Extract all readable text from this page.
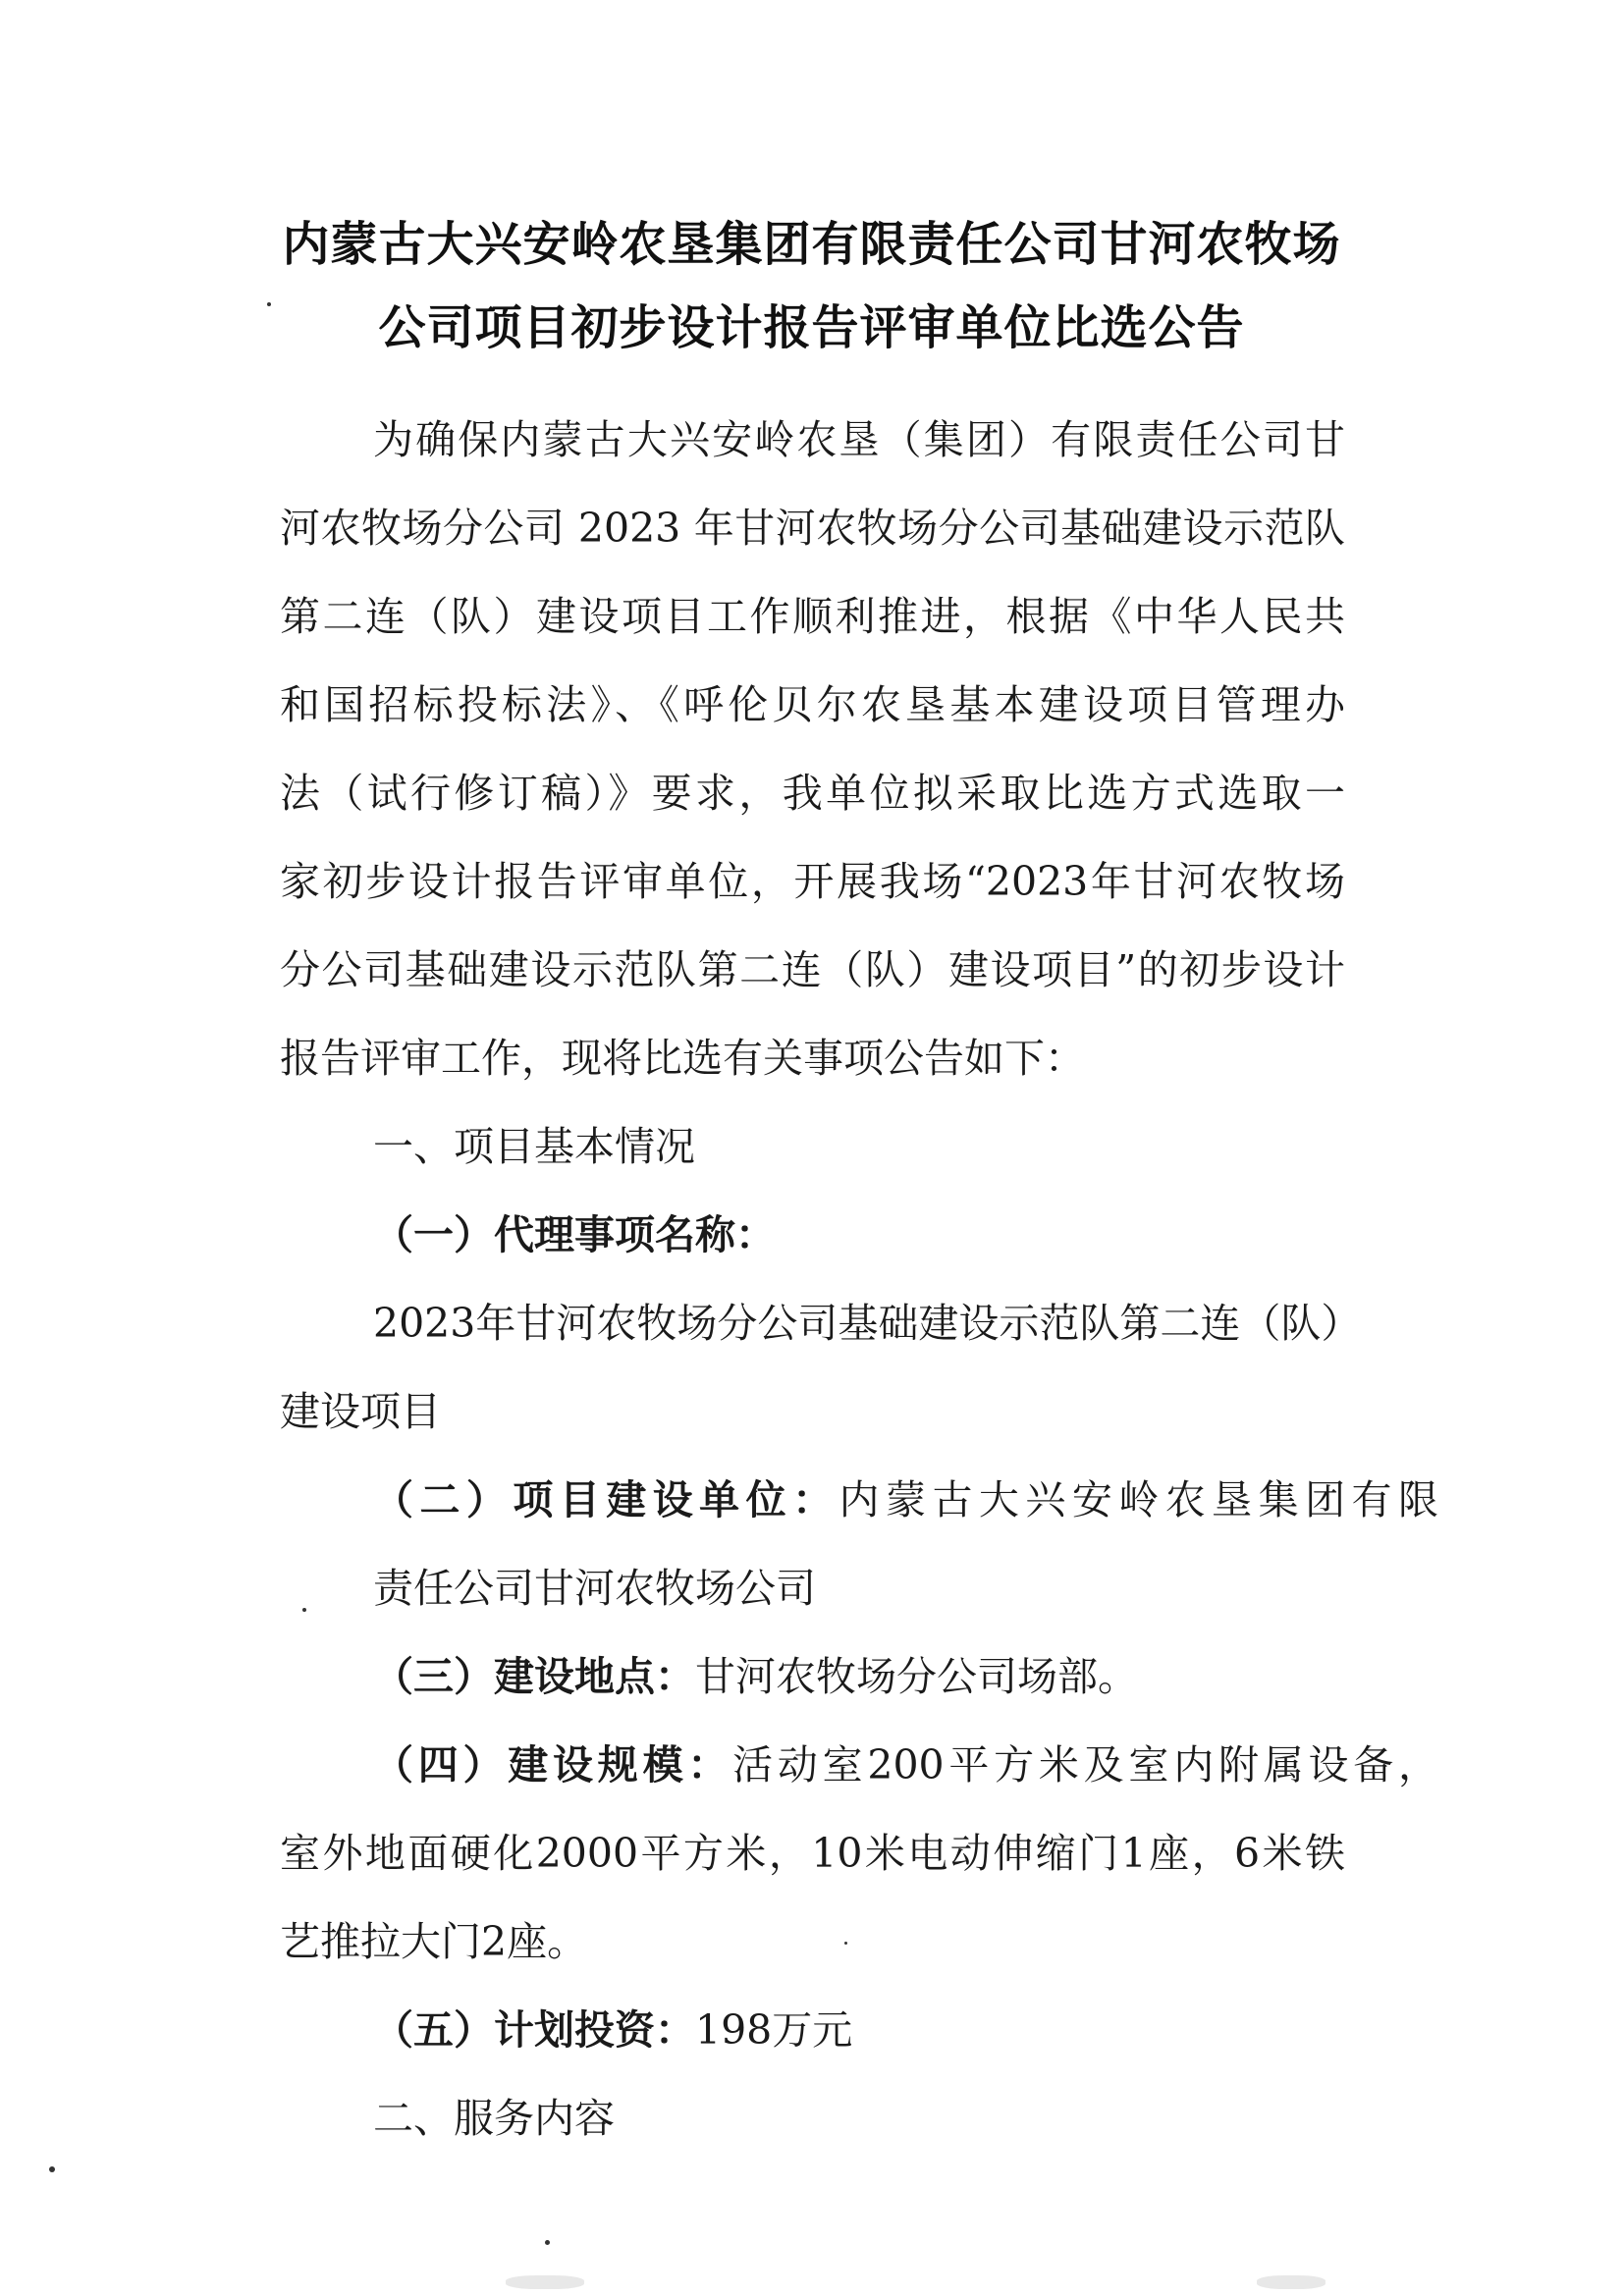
内蒙古大兴安岭农垦集团有限责任公司甘河农牧场
公司项目初步设计报告评审单位比选公告
为确保内蒙古大兴安岭农垦（集团）有限责任公司甘
河农牧场分公司 2023 年甘河农牧场分公司基础建设示范队
第二连（队）建设项目工作顺利推进，根据《中华人民共
和国招标投标法》、《呼伦贝尔农垦基本建设项目管理办
法（试行修订稿）》要求，我单位拟采取比选方式选取一
家初步设计报告评审单位，开展我场“2023年甘河农牧场
分公司基础建设示范队第二连（队）建设项目”的初步设计
报告评审工作，现将比选有关事项公告如下：
一、项目基本情况
（一）代理事项名称：
2023年甘河农牧场分公司基础建设示范队第二连（队）
建设项目
（二）项目建设单位：内蒙古大兴安岭农垦集团有限
责任公司甘河农牧场公司
（三）建设地点：甘河农牧场分公司场部。
（四）建设规模：活动室200平方米及室内附属设备，
室外地面硬化2000平方米，10米电动伸缩门1座，6米铁
艺推拉大门2座。
（五）计划投资：198万元
二、服务内容
